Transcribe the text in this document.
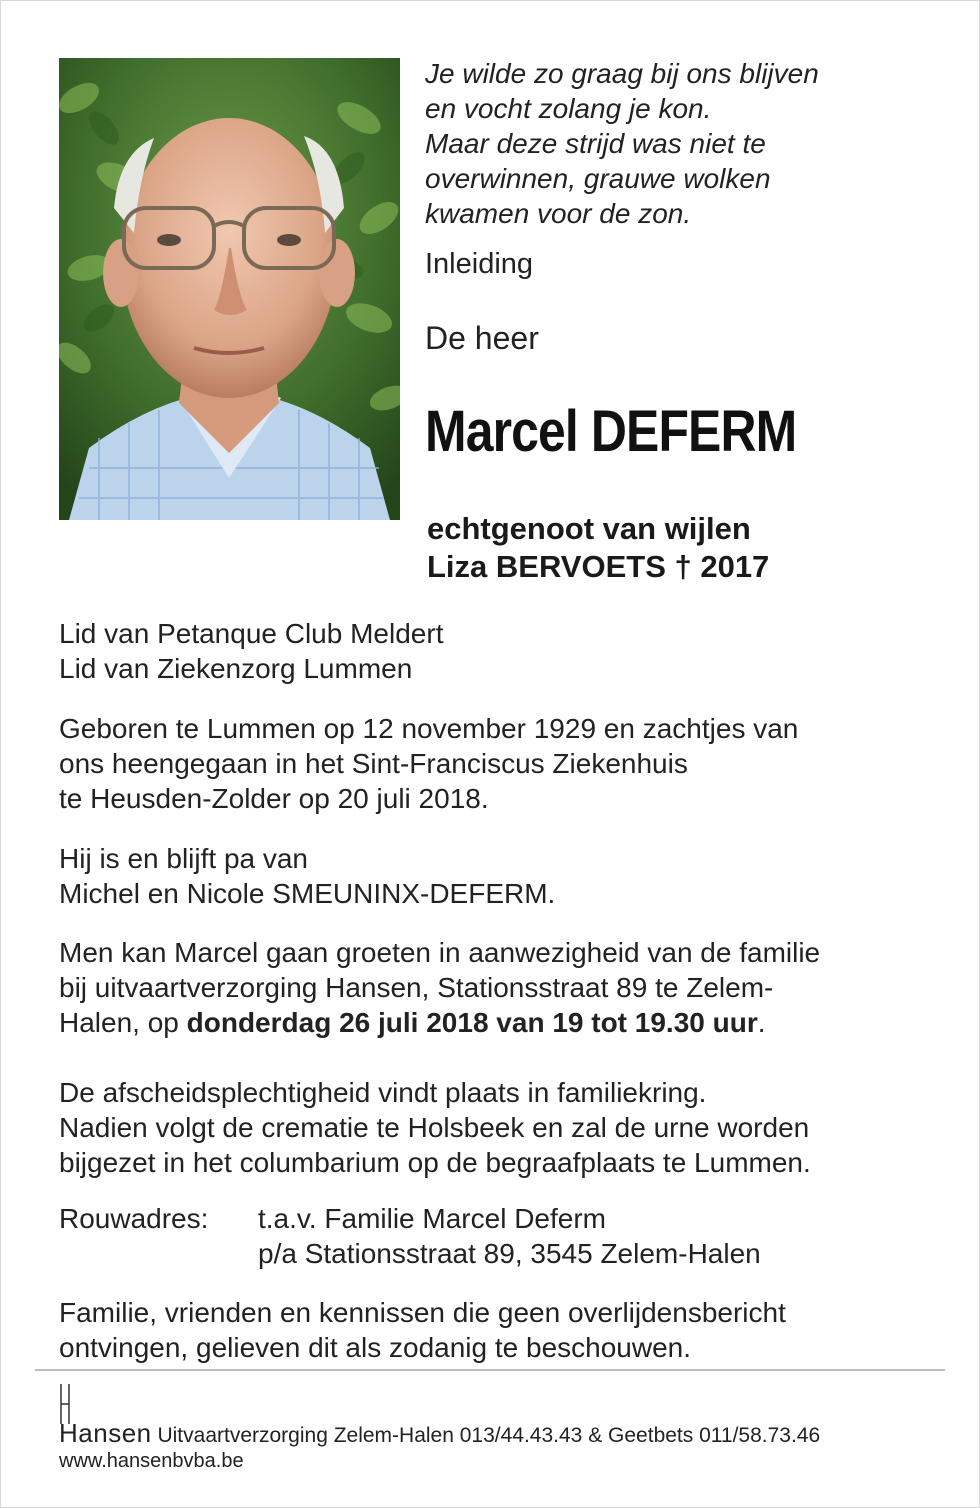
Je wilde zo graag bij ons blijven
en vocht zolang je kon.
Maar deze strijd was niet te
overwinnen, grauwe wolken
kwamen voor de zon.
Inleiding
De heer
Marcel DEFERM
echtgenoot van wijlen
Liza BERVOETS † 2017
Lid van Petanque Club Meldert
Lid van Ziekenzorg Lummen
Geboren te Lummen op 12 november 1929 en zachtjes van
ons heengegaan in het Sint-Franciscus Ziekenhuis
te Heusden-Zolder op 20 juli 2018.
Hij is en blijft pa van
Michel en Nicole SMEUNINX-DEFERM.
Men kan Marcel gaan groeten in aanwezigheid van de familie
bij uitvaartverzorging Hansen, Stationsstraat 89 te Zelem-
Halen, op donderdag 26 juli 2018 van 19 tot 19.30 uur.
De afscheidsplechtigheid vindt plaats in familiekring.
Nadien volgt de crematie te Holsbeek en zal de urne worden
bijgezet in het columbarium op de begraafplaats te Lummen.
Rouwadres: t.a.v. Familie Marcel Deferm
p/a Stationsstraat 89, 3545 Zelem-Halen
Familie, vrienden en kennissen die geen overlijdensbericht
ontvingen, gelieven dit als zodanig te beschouwen.
Hansen Uitvaartverzorging Zelem-Halen 013/44.43.43 & Geetbets 011/58.73.46
www.hansenbvba.be
